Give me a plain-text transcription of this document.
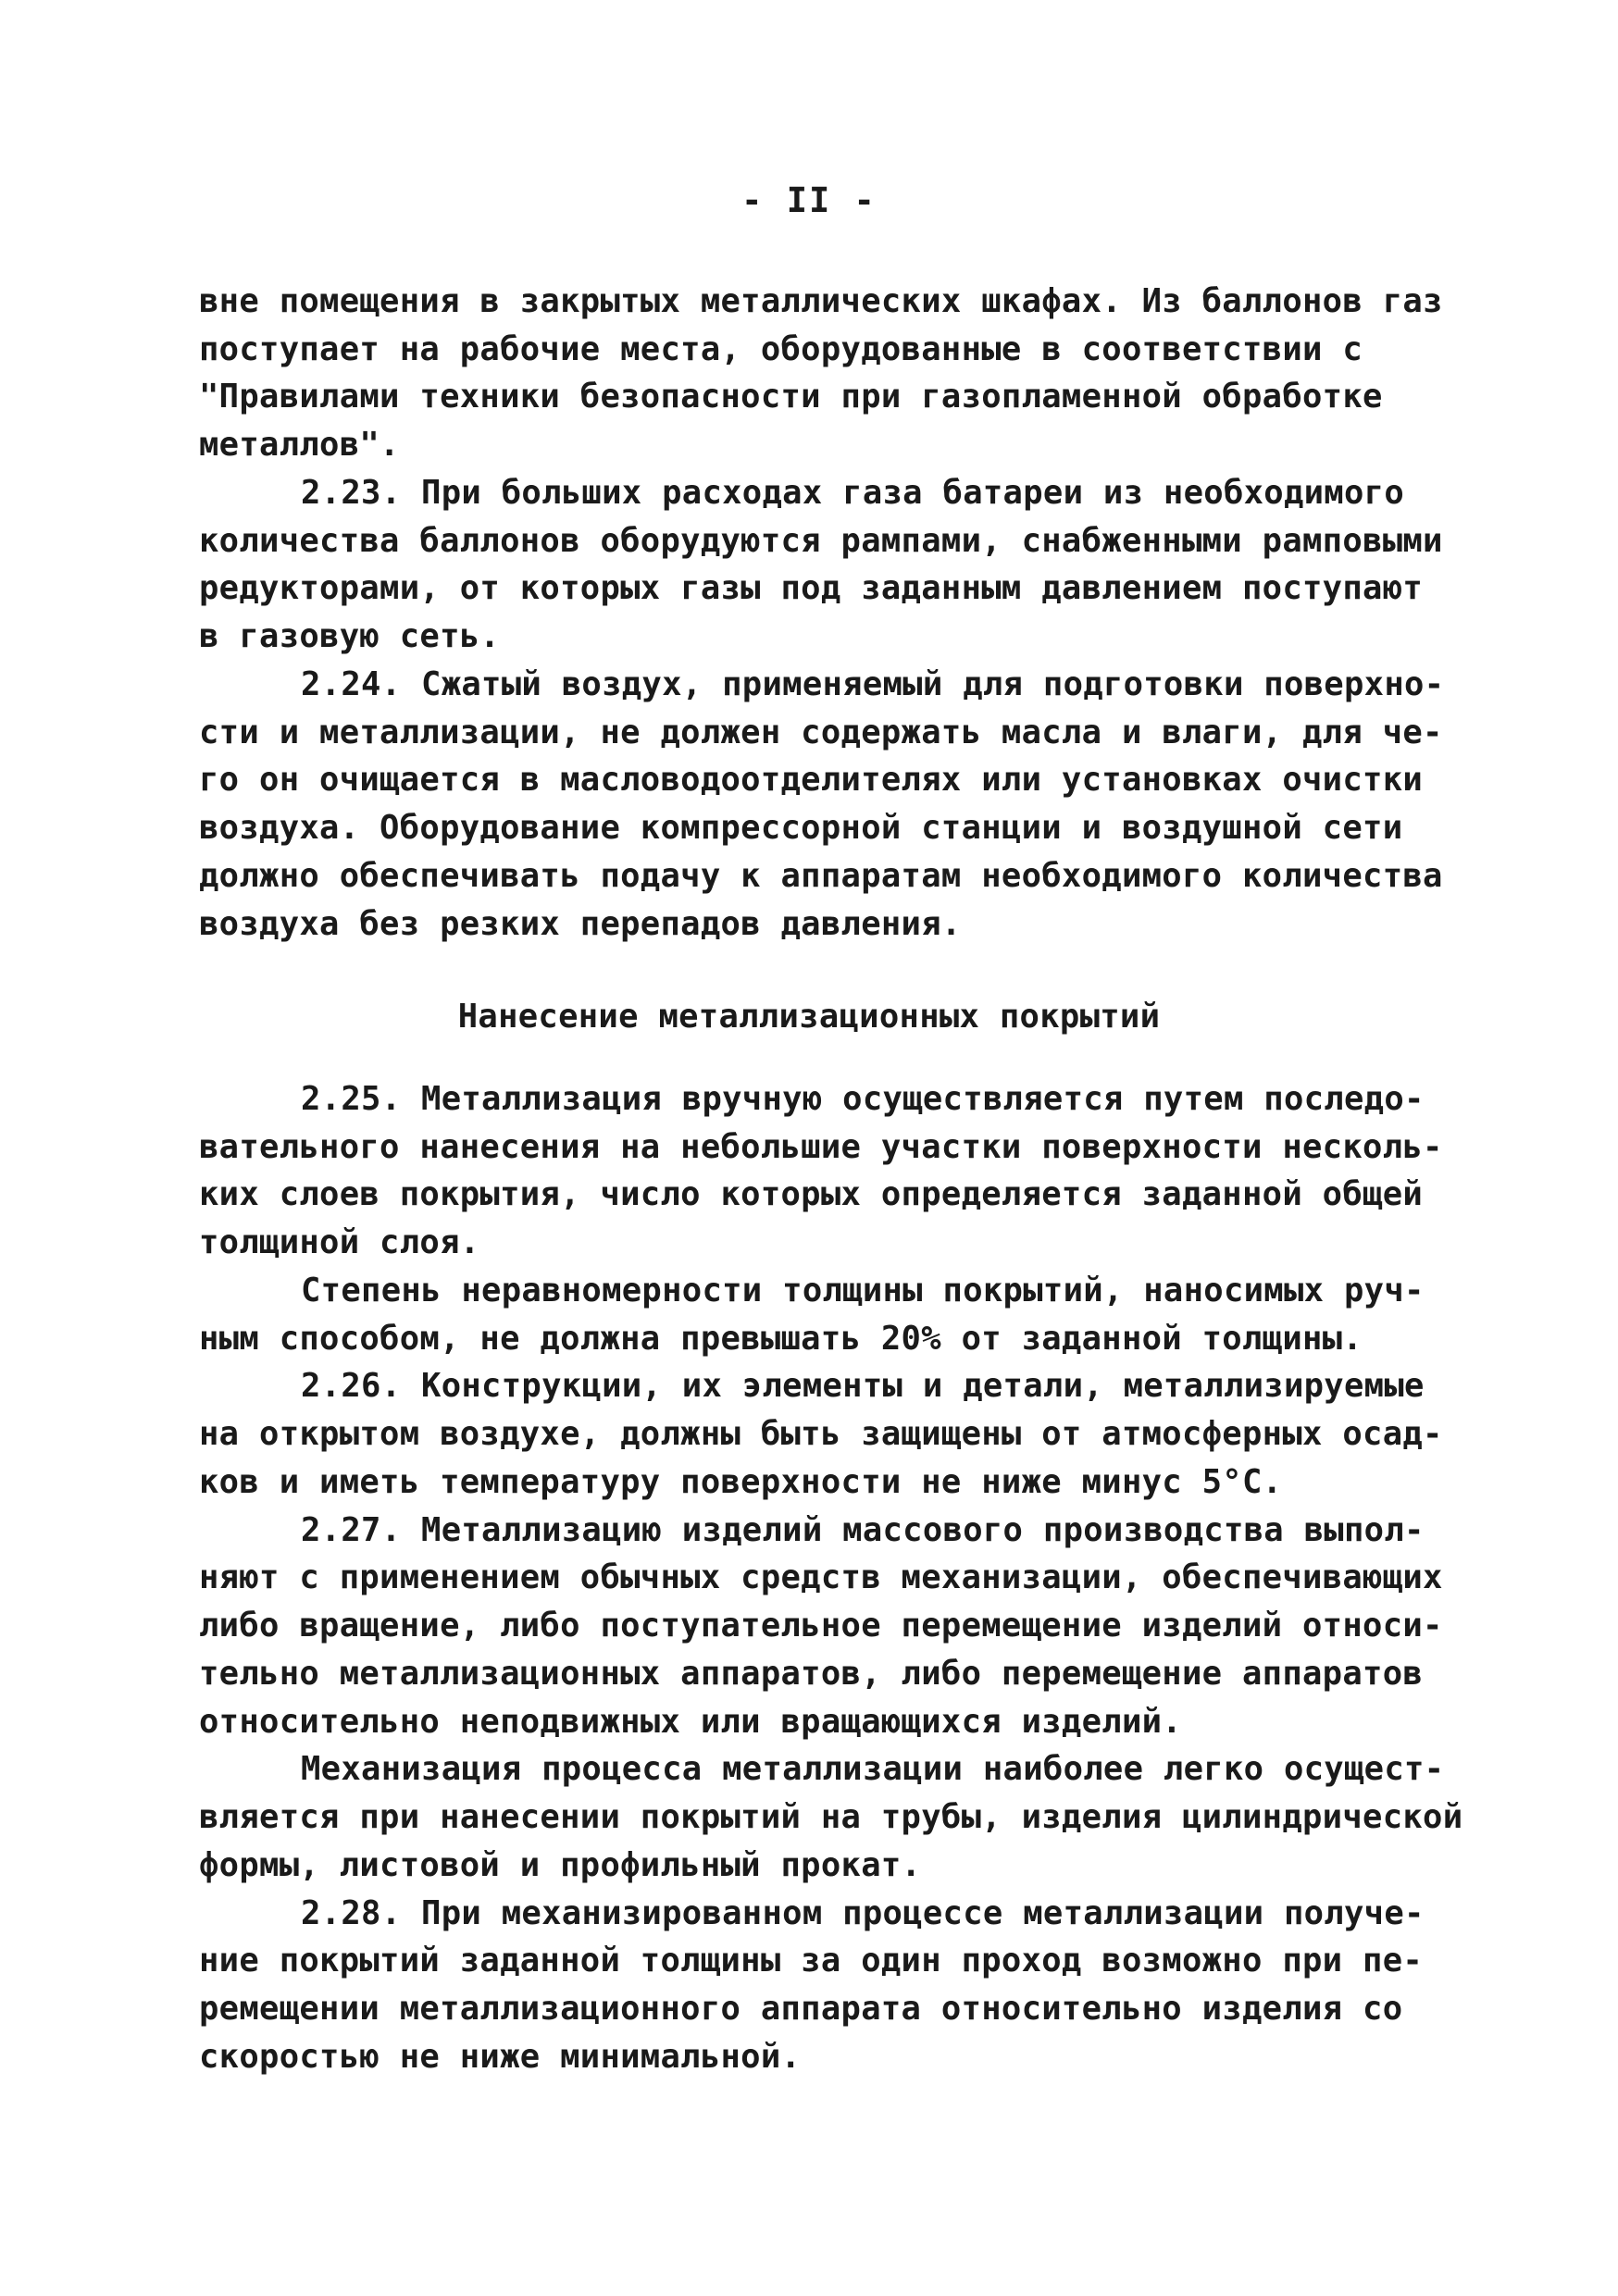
- II -
вне помещения в закрытых металлических шкафах. Из баллонов газ
поступает на рабочие места, оборудованные в соответствии с
"Правилами техники безопасности при газопламенной обработке
металлов".
2.23. При больших расходах газа батареи из необходимого
количества баллонов оборудуются рампами, снабженными рамповыми
редукторами, от которых газы под заданным давлением поступают
в газовую сеть.
2.24. Сжатый воздух, применяемый для подготовки поверхно-
сти и металлизации, не должен содержать масла и влаги, для че-
го он очищается в масловодоотделителях или установках очистки
воздуха. Оборудование компрессорной станции и воздушной сети
должно обеспечивать подачу к аппаратам необходимого количества
воздуха без резких перепадов давления.
Нанесение металлизационных покрытий
2.25. Металлизация вручную осуществляется путем последо-
вательного нанесения на небольшие участки поверхности несколь-
ких слоев покрытия, число которых определяется заданной общей
толщиной слоя.
Степень неравномерности толщины покрытий, наносимых руч-
ным способом, не должна превышать 20% от заданной толщины.
2.26. Конструкции, их элементы и детали, металлизируемые
на открытом воздухе, должны быть защищены от атмосферных осад-
ков и иметь температуру поверхности не ниже минус 5°С.
2.27. Металлизацию изделий массового производства выпол-
няют с применением обычных средств механизации, обеспечивающих
либо вращение, либо поступательное перемещение изделий относи-
тельно металлизационных аппаратов, либо перемещение аппаратов
относительно неподвижных или вращающихся изделий.
Механизация процесса металлизации наиболее легко осущест-
вляется при нанесении покрытий на трубы, изделия цилиндрической
формы, листовой и профильный прокат.
2.28. При механизированном процессе металлизации получе-
ние покрытий заданной толщины за один проход возможно при пе-
ремещении металлизационного аппарата относительно изделия со
скоростью не ниже минимальной.
